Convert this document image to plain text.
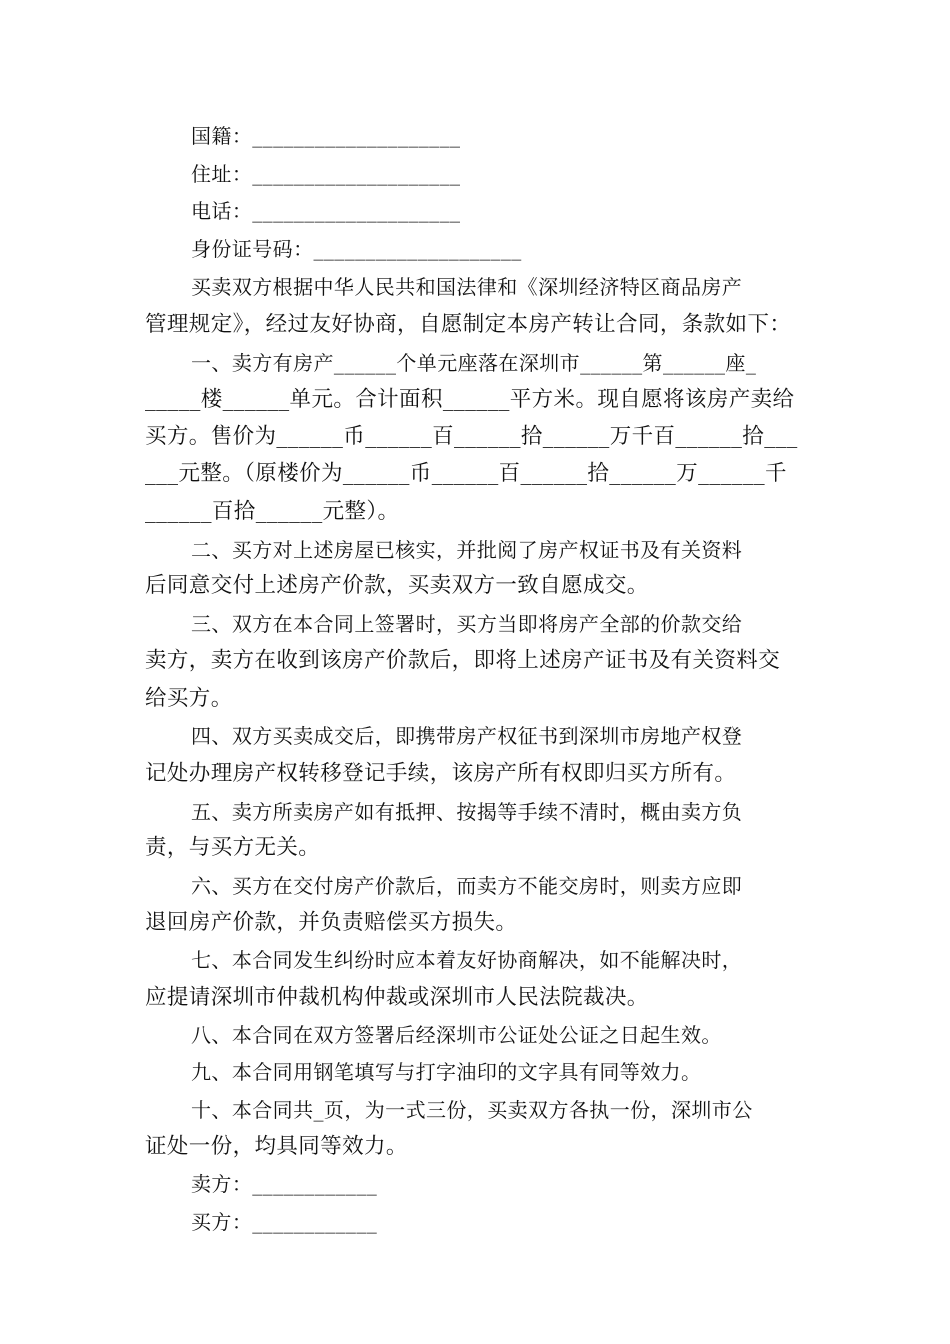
国籍：____________________
住址：____________________
电话：____________________
身份证号码：____________________
买卖双方根据中华人民共和国法律和《深圳经济特区商品房产
管理规定》，经过友好协商，自愿制定本房产转让合同，条款如下：
一、卖方有房产______个单元座落在深圳市______第______座_
_____楼______单元。合计面积______平方米。现自愿将该房产卖给
买方。售价为______币______百______拾______万千百______拾___
___元整。（原楼价为______币______百______拾______万______千
______百拾______元整）。
二、买方对上述房屋已核实，并批阅了房产权证书及有关资料
后同意交付上述房产价款，买卖双方一致自愿成交。
三、双方在本合同上签署时，买方当即将房产全部的价款交给
卖方，卖方在收到该房产价款后，即将上述房产证书及有关资料交
给买方。
四、双方买卖成交后，即携带房产权征书到深圳市房地产权登
记处办理房产权转移登记手续，该房产所有权即归买方所有。
五、卖方所卖房产如有抵押、按揭等手续不清时，概由卖方负
责，与买方无关。
六、买方在交付房产价款后，而卖方不能交房时，则卖方应即
退回房产价款，并负责赔偿买方损失。
七、本合同发生纠纷时应本着友好协商解决，如不能解决时，
应提请深圳市仲裁机构仲裁或深圳市人民法院裁决。
八、本合同在双方签署后经深圳市公证处公证之日起生效。
九、本合同用钢笔填写与打字油印的文字具有同等效力。
十、本合同共_页，为一式三份，买卖双方各执一份，深圳市公
证处一份，均具同等效力。
卖方：____________
买方：____________
